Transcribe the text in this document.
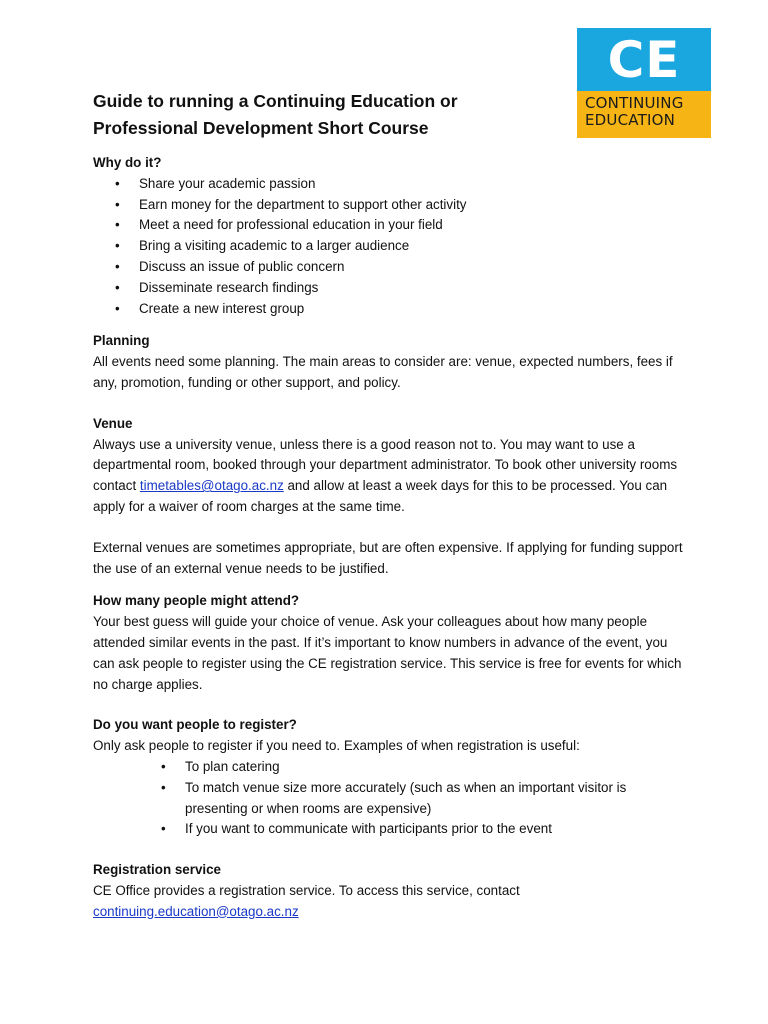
CE
CONTINUING
EDUCATION
Guide to running a Continuing Education or
Professional Development Short Course

Why do it?

• Share your academic passion
• Earn money for the department to support other activity
• Meet a need for professional education in your field
• Bring a visiting academic to a larger audience
• Discuss an issue of public concern
• Disseminate research findings
• Create a new interest group

Planning

All events need some planning. The main areas to consider are: venue, expected numbers, fees if any, promotion, funding or other support, and policy.

Venue

Always use a university venue, unless there is a good reason not to. You may want to use a departmental room, booked through your department administrator. To book other university rooms contact timetables@otago.ac.nz and allow at least a week days for this to be processed. You can apply for a waiver of room charges at the same time.

External venues are sometimes appropriate, but are often expensive. If applying for funding support the use of an external venue needs to be justified.

How many people might attend?

Your best guess will guide your choice of venue. Ask your colleagues about how many people attended similar events in the past. If it’s important to know numbers in advance of the event, you can ask people to register using the CE registration service. This service is free for events for which no charge applies.

Do you want people to register?

Only ask people to register if you need to. Examples of when registration is useful:

• To plan catering
• To match venue size more accurately (such as when an important visitor is presenting or when rooms are expensive)
• If you want to communicate with participants prior to the event

Registration service

CE Office provides a registration service. To access this service, contact

continuing.education@otago.ac.nz
